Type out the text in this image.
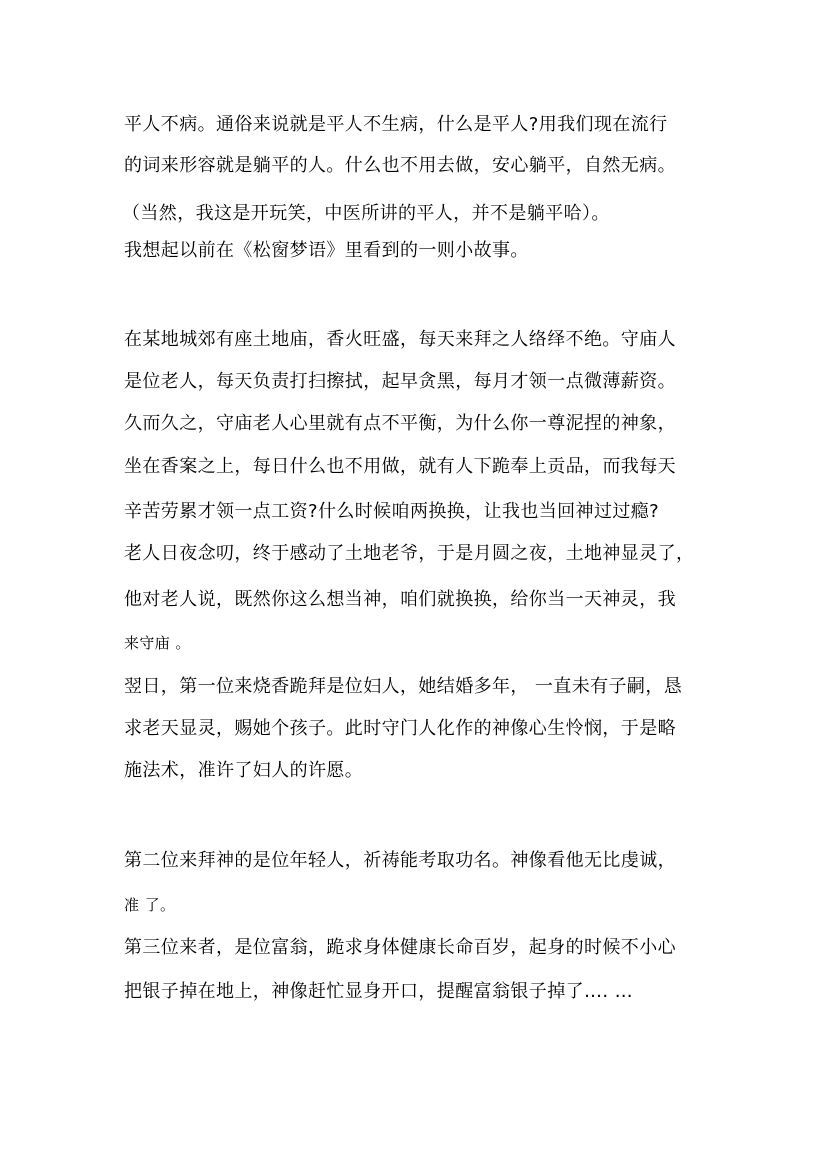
平人不病。通俗来说就是平人不生病，什么是平人?用我们现在流行
的词来形容就是躺平的人。什么也不用去做，安心躺平，自然无病。
（当然，我这是开玩笑，中医所讲的平人，并不是躺平哈）。
我想起以前在《松窗梦语》里看到的一则小故事。
在某地城郊有座土地庙，香火旺盛，每天来拜之人络绎不绝。守庙人
是位老人，每天负责打扫擦拭，起早贪黑，每月才领一点微薄薪资。
久而久之，守庙老人心里就有点不平衡，为什么你一尊泥捏的神象，
坐在香案之上，每日什么也不用做，就有人下跪奉上贡品，而我每天
辛苦劳累才领一点工资?什么时候咱两换换，让我也当回神过过瘾?
老人日夜念叨，终于感动了土地老爷，于是月圆之夜，土地神显灵了，
他对老人说，既然你这么想当神，咱们就换换，给你当一天神灵，我
来守庙 。
翌日，第一位来烧香跪拜是位妇人，她结婚多年， 一直未有子嗣，恳
求老天显灵，赐她个孩子。此时守门人化作的神像心生怜悯，于是略
施法术，准许了妇人的许愿。
第二位来拜神的是位年轻人，祈祷能考取功名。神像看他无比虔诚，
准 了。
第三位来者，是位富翁，跪求身体健康长命百岁，起身的时候不小心
把银子掉在地上，神像赶忙显身开口，提醒富翁银子掉了…. …
